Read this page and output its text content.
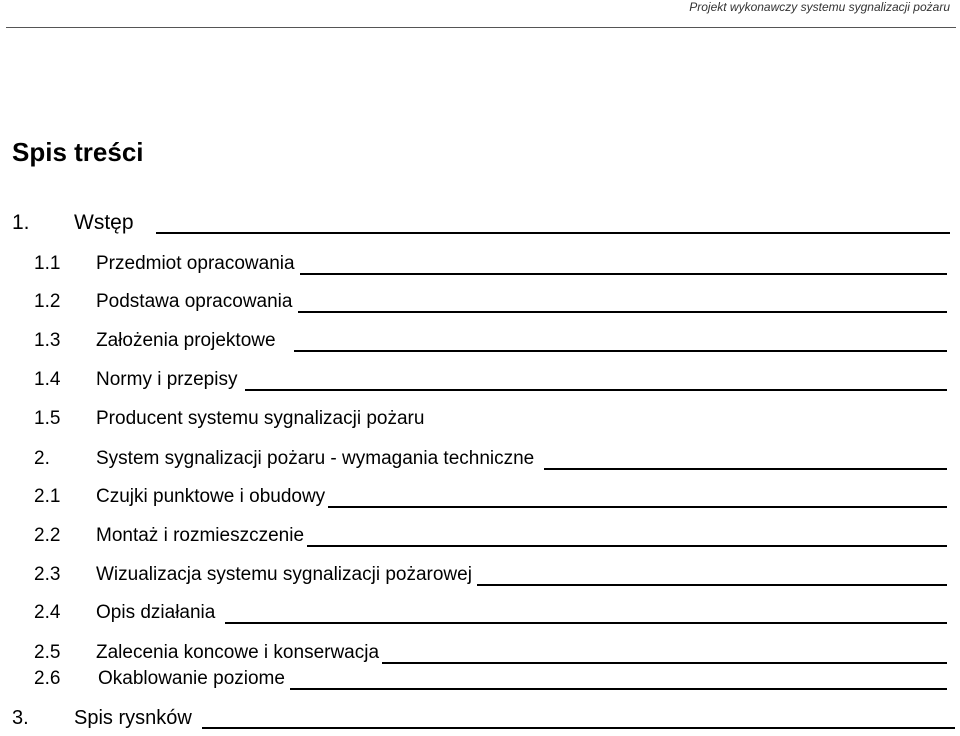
Projekt wykonawczy systemu sygnalizacji pożaru
Spis treści
1.	Wstęp
1.1	Przedmiot opracowania
1.2	Podstawa opracowania
1.3	Założenia projektowe
1.4	Normy i przepisy
1.5	Producent systemu sygnalizacji pożaru
2.	System sygnalizacji pożaru - wymagania techniczne
2.1	Czujki punktowe i obudowy
2.2	Montaż i rozmieszczenie
2.3	Wizualizacja systemu sygnalizacji pożarowej
2.4	Opis działania
2.5	Zalecenia koncowe i konserwacja
2.6	Okablowanie poziome
3.	Spis rysnków
